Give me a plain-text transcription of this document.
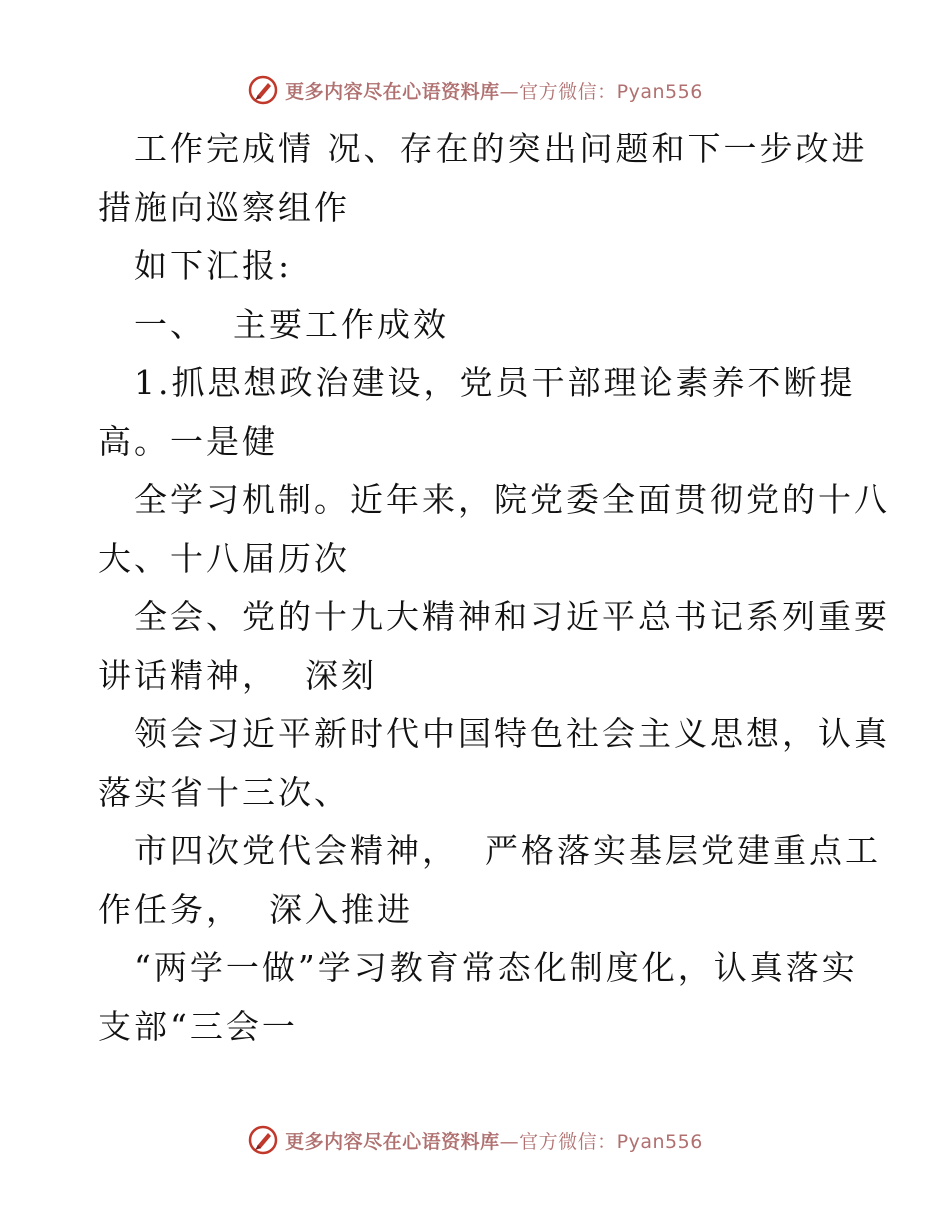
更多内容尽在心语资料库—官方微信：Pyan556
工作完成情 况、存在的突出问题和下一步改进
措施向巡察组作
如下汇报:
一、  主要工作成效
1.抓思想政治建设，党员干部理论素养不断提
高。一是健
全学习机制。近年来，院党委全面贯彻党的十八
大、十八届历次
全会、党的十九大精神和习近平总书记系列重要
讲话精神，  深刻
领会习近平新时代中国特色社会主义思想，认真
落实省十三次、
市四次党代会精神，  严格落实基层党建重点工
作任务，  深入推进
“两学一做”学习教育常态化制度化，认真落实
支部“三会一
更多内容尽在心语资料库—官方微信：Pyan556
